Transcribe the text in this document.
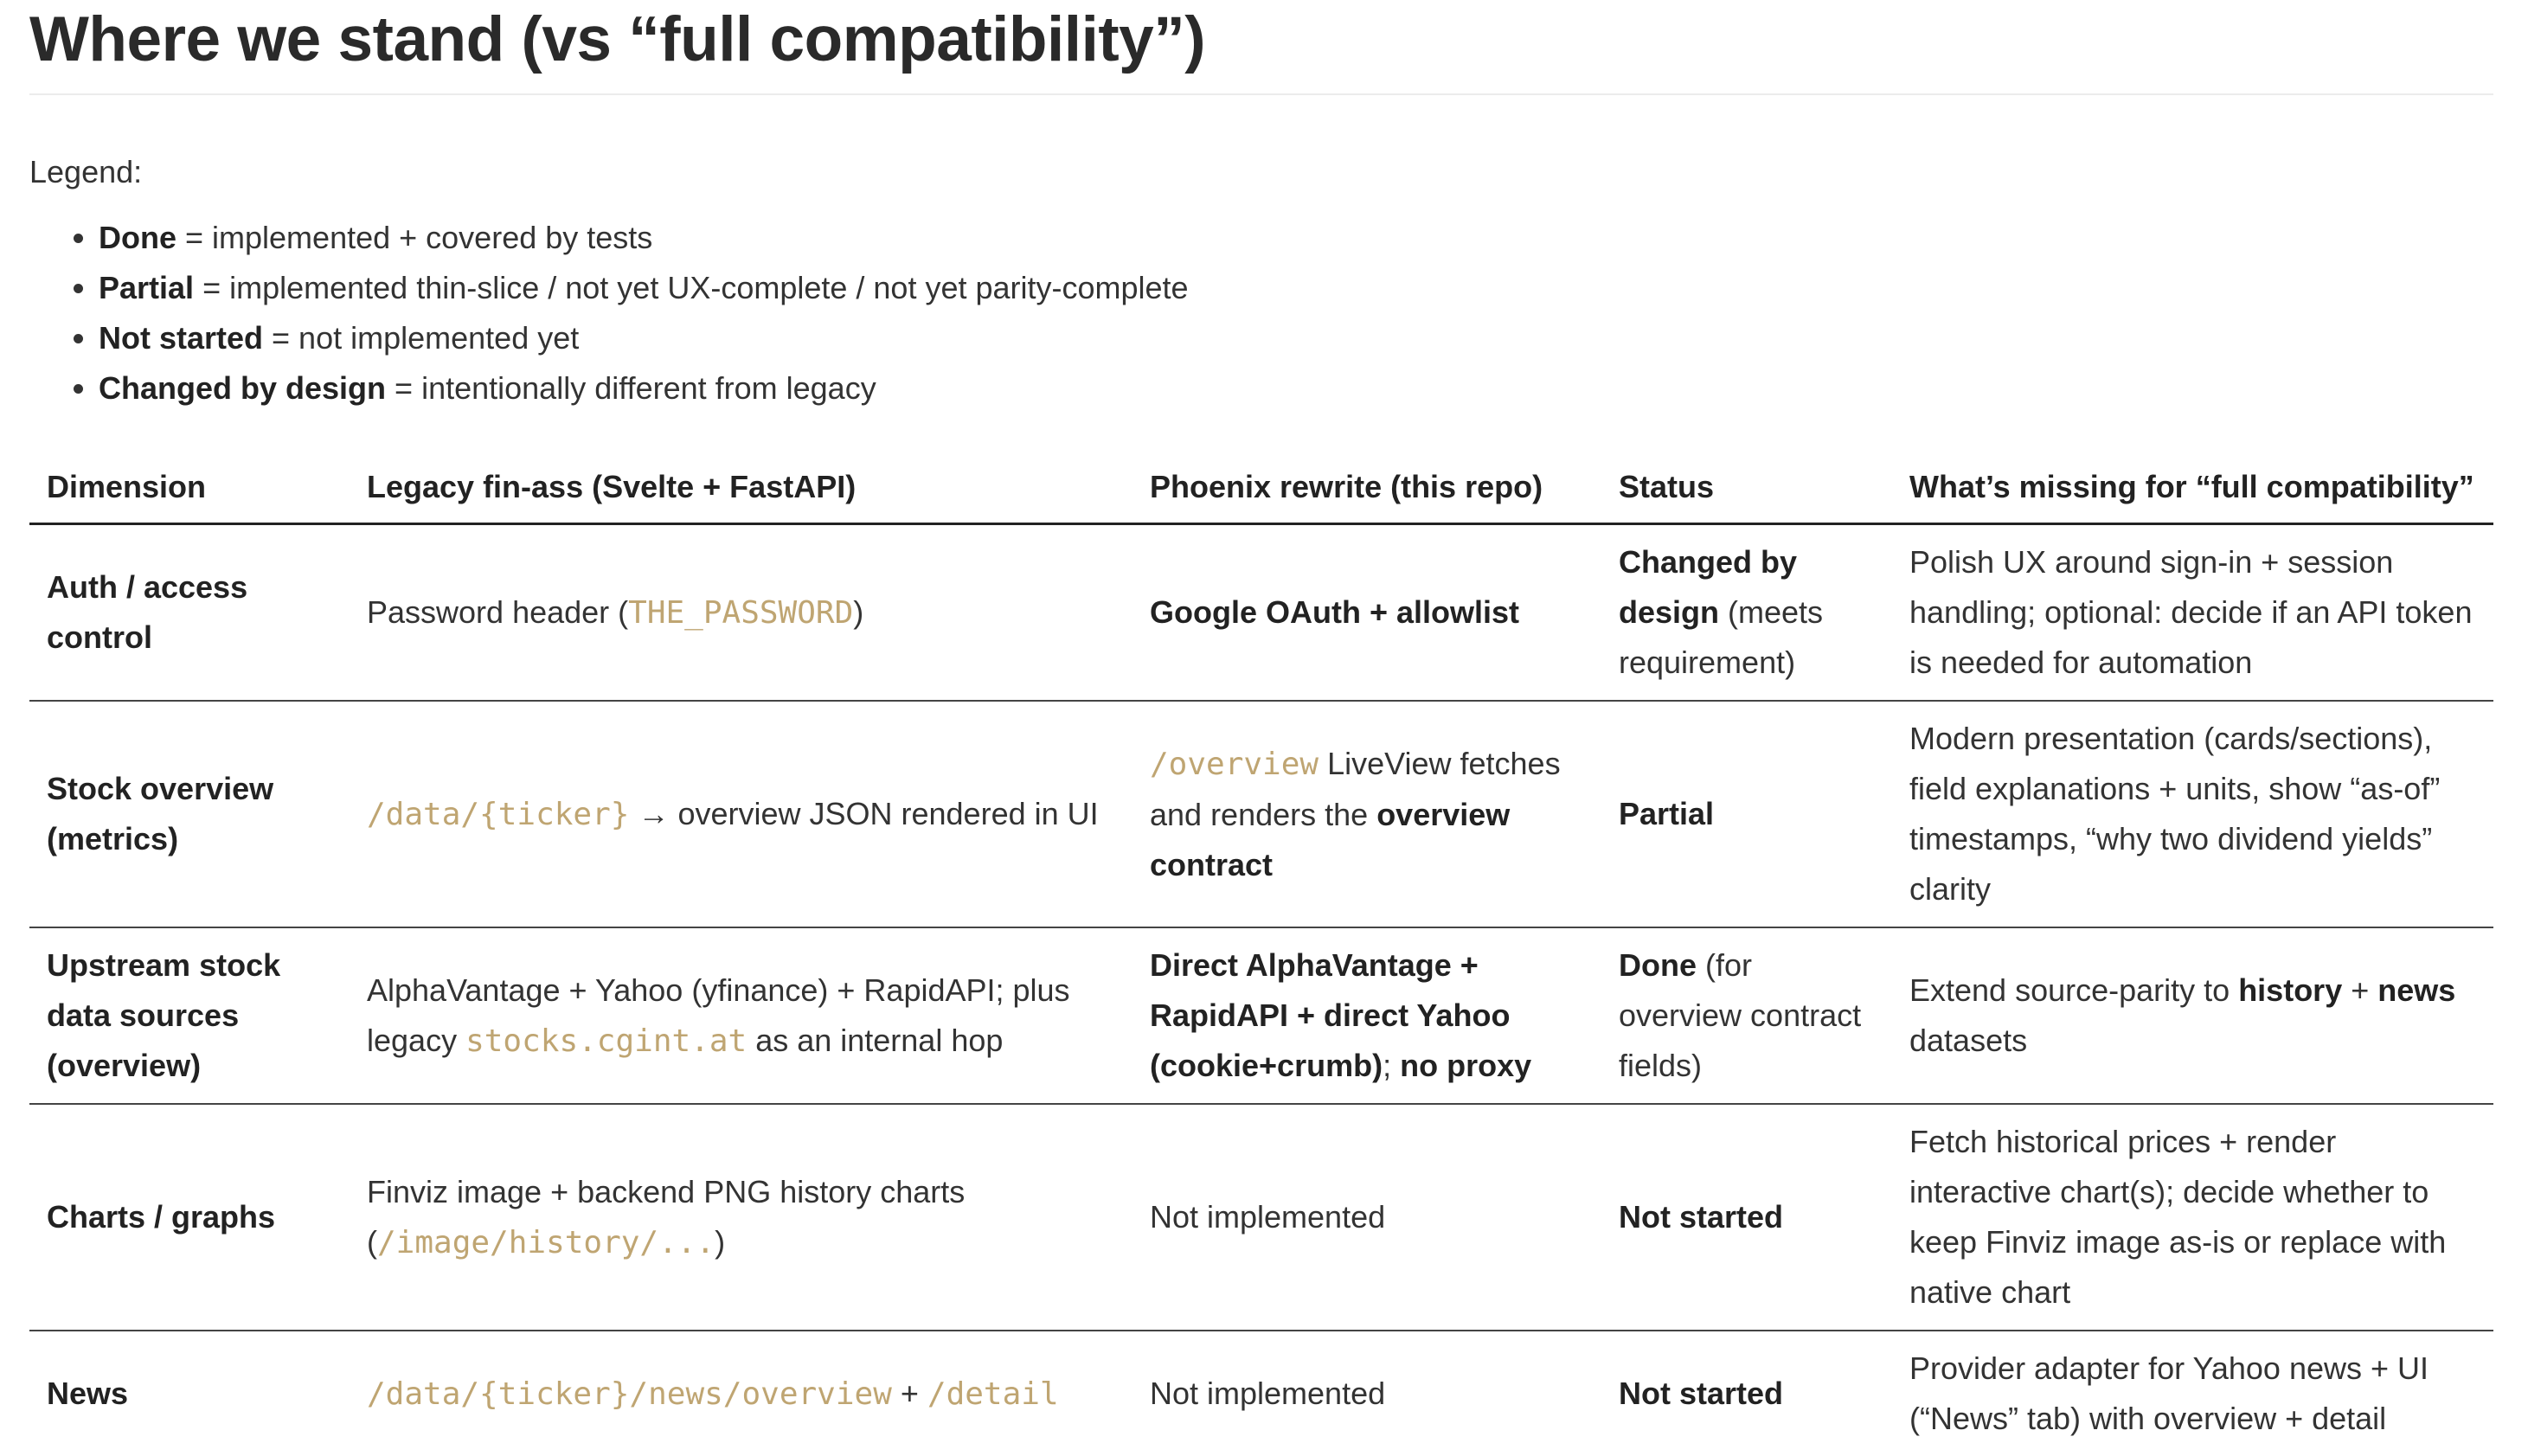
Where we stand (vs “full compatibility”)
Legend:
• Done = implemented + covered by tests
• Partial = implemented thin-slice / not yet UX-complete / not yet parity-complete
• Not started = not implemented yet
• Changed by design = intentionally different from legacy
Dimension	Legacy fin-ass (Svelte + FastAPI)	Phoenix rewrite (this repo)	Status	What’s missing for “full compatibility”
Auth / access control	Password header (THE_PASSWORD)	Google OAuth + allowlist	Changed by design (meets requirement)	Polish UX around sign-in + session handling; optional: decide if an API token is needed for automation
Stock overview (metrics)	/data/{ticker} → overview JSON rendered in UI	/overview LiveView fetches and renders the overview contract	Partial	Modern presentation (cards/sections), field explanations + units, show “as-of” timestamps, “why two dividend yields” clarity
Upstream stock data sources (overview)	AlphaVantage + Yahoo (yfinance) + RapidAPI; plus legacy stocks.cgint.at as an internal hop	Direct AlphaVantage + RapidAPI + direct Yahoo (cookie+crumb); no proxy	Done (for overview contract fields)	Extend source-parity to history + news datasets
Charts / graphs	Finviz image + backend PNG history charts (/image/history/...)	Not implemented	Not started	Fetch historical prices + render interactive chart(s); decide whether to keep Finviz image as-is or replace with native chart
News	/data/{ticker}/news/overview + /detail	Not implemented	Not started	Provider adapter for Yahoo news + UI (“News” tab) with overview + detail
